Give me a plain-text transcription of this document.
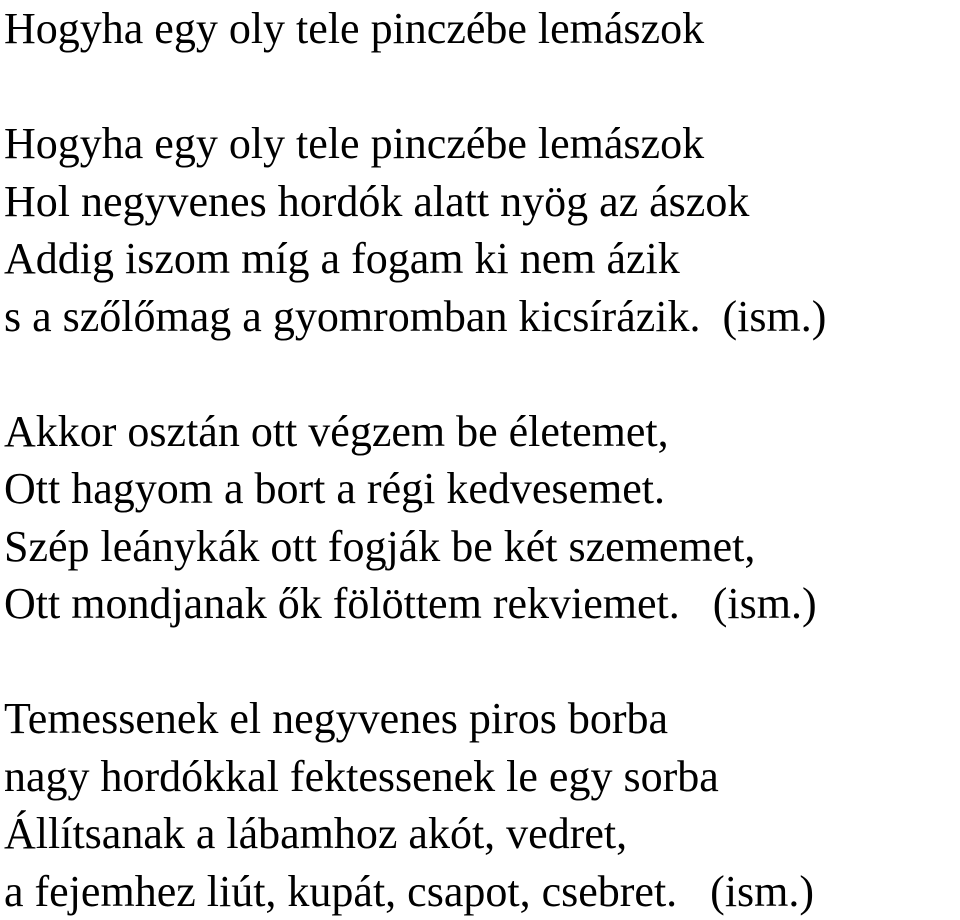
Hogyha egy oly tele pinczébe lemászok
Hogyha egy oly tele pinczébe lemászok
Hol negyvenes hordók alatt nyög az ászok
Addig iszom míg a fogam ki nem ázik
s a szőlőmag a gyomromban kicsírázik.  (ism.)
Akkor osztán ott végzem be életemet,
Ott hagyom a bort a régi kedvesemet.
Szép leánykák ott fogják be két szememet,
Ott mondjanak ők fölöttem rekviemet.   (ism.)
Temessenek el negyvenes piros borba
nagy hordókkal fektessenek le egy sorba
Állítsanak a lábamhoz akót, vedret,
a fejemhez liút, kupát, csapot, csebret.   (ism.)
